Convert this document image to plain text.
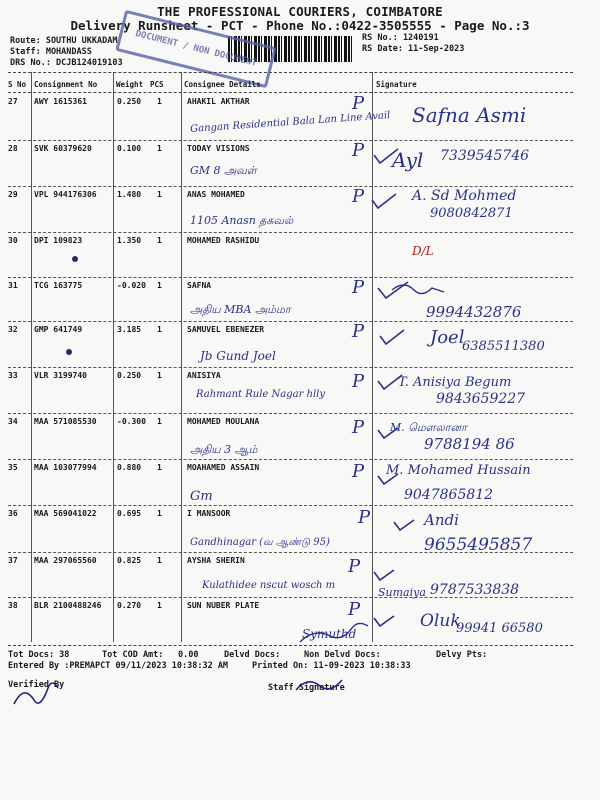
THE PROFESSIONAL COURIERS, COIMBATORE
Delivery Runsheet - PCT - Phone No.:0422-3505555 - Page No.:3
Route: SOUTHU UKKADAM
Staff: MOHANDASS
DRS No.: DCJB124019103
RS No.: 1240191
RS Date: 11-Sep-2023
DOCUMENT / NON DOCUMENT
S No Consignment No	Weight PCS	Consignee Details	Signature
27 AWY 1615361	0.250 1	AHAKIL AKTHAR
Gangan Residential Bala Lan Line Avail
P Safna Asmi
28 SVK 60379620	0.100 1	TODAY VISIONS
GM 8 அவள்
P Ayl 7339545746
29 VPL 944176306	1.480 1	ANAS MOHAMED
1105 Anasn தகவல்
P	A. Sd Mohmed
9080842871
30 DPI 109823	1.350 1	MOHAMED RASHIDU
D/L
31 TCG 163775	-0.020 1	SAFNA
அதிய MBA அம்மா
P
9994432876
32 GMP 641749	3.185 1	SAMUVEL EBENEZER
Jb Gund Joel
P	Joel
6385511380
33 VLR 3199740	0.250 1	ANISIYA
Rahmant Rule Nagar hlly
P	T. Anisiya Begum
9843659227
34 MAA 571085530	-0.300 1	MOHAMED MOULANA
அதிய 3 ஆம்
P M. மௌலானா
9788194 86
35 MAA 103077994	0.880 1	MOAHAMED ASSAIN
Gm
P M. Mohamed Hussain
9047865812
36 MAA 569041022	0.695 1	I MANSOOR
Gandhinagar (வ ஆண்டு 95)
P	Andi
9655495857
37 MAA 297065560	0.825 1	AYSHA SHERIN
Kulathidee nscut wosch m
P
Sumaiya 9787533838
38 BLR 2100488246 0.270 1	SUN NUBER PLATE
Symuthd
P
Oluk
99941 66580
Tot Docs: 38	Tot COD Amt: 0.00	Delvd Docs:	Non Delvd Docs:	Delvy Pts:
Entered By :PREMAPCT 09/11/2023 10:38:32 AM	Printed On: 11-09-2023 10:38:33
Verified By	Staff Signature
